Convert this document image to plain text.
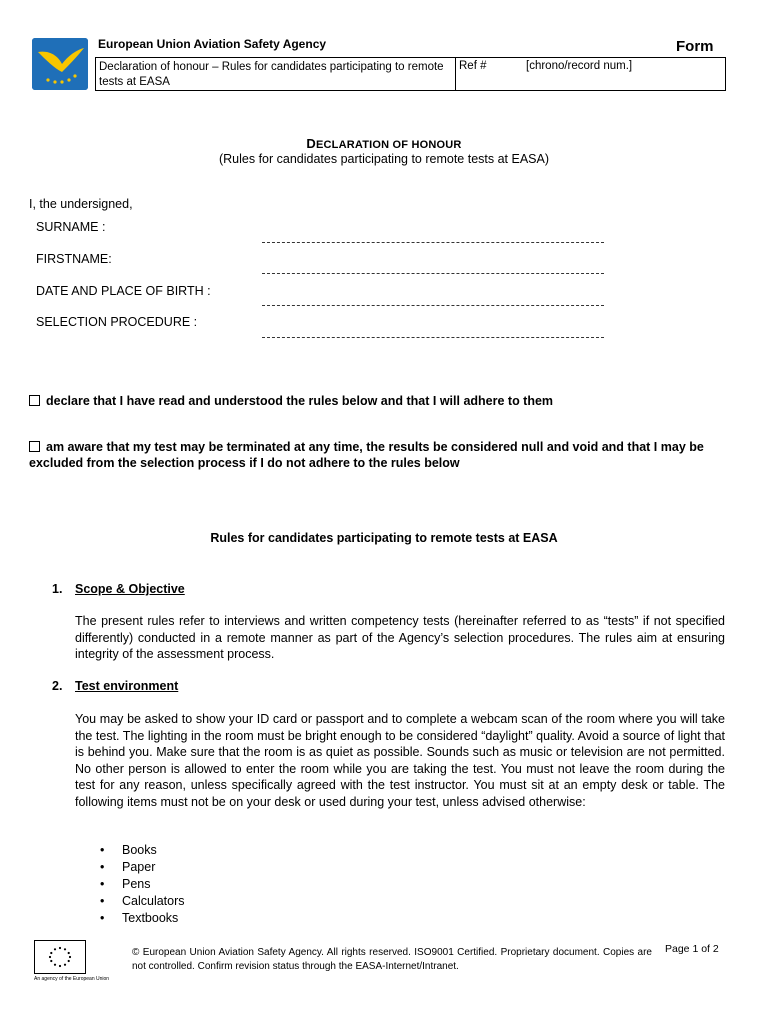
European Union Aviation Safety Agency	Form
Declaration of honour – Rules for candidates participating to remote tests at EASA
Ref #	[chrono/record num.]
DECLARATION OF HONOUR
(Rules for candidates participating to remote tests at EASA)
I, the undersigned,
SURNAME :
FIRSTNAME:
DATE AND PLACE OF BIRTH :
SELECTION PROCEDURE :
declare that I have read and understood the rules below and that I will adhere to them
am aware that my test may be terminated at any time, the results be considered null and void and that I may be excluded from the selection process if I do not adhere to the rules below
Rules for candidates participating to remote tests at EASA
1. Scope & Objective
The present rules refer to interviews and written competency tests (hereinafter referred to as “tests” if not specified differently) conducted in a remote manner as part of the Agency’s selection procedures. The rules aim at ensuring integrity of the assessment process.
2. Test environment
You may be asked to show your ID card or passport and to complete a webcam scan of the room where you will take the test. The lighting in the room must be bright enough to be considered “daylight” quality. Avoid a source of light that is behind you. Make sure that the room is as quiet as possible. Sounds such as music or television are not permitted. No other person is allowed to enter the room while you are taking the test. You must not leave the room during the test for any reason, unless specifically agreed with the test instructor. You must sit at an empty desk or table. The following items must not be on your desk or used during your test, unless advised otherwise:
• Books
• Paper
• Pens
• Calculators
• Textbooks
An agency of the European Union
© European Union Aviation Safety Agency. All rights reserved. ISO9001 Certified. Proprietary document. Copies are not controlled. Confirm revision status through the EASA-Internet/Intranet.
Page 1 of 2
